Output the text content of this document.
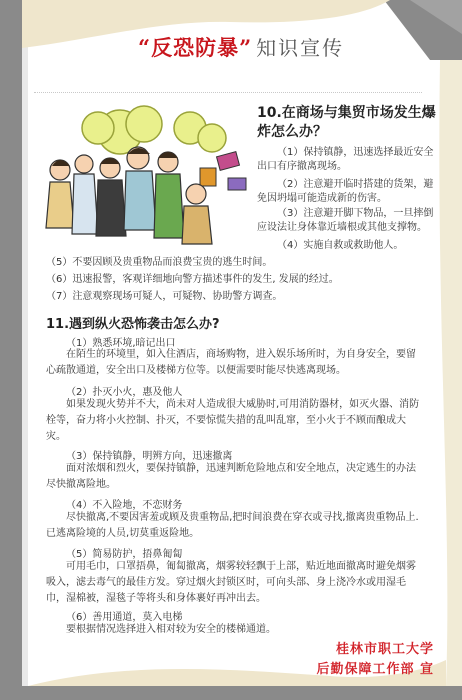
“反恐防暴” 知识宣传
10.在商场与集贸市场发生爆炸怎么办？
（1）保持镇静，迅速选择最近安全出口有序撤离现场。
（2）注意避开临时搭建的货架，避免因坍塌可能造成新的伤害。
（3）注意避开脚下物品，一旦摔倒应设法让身体靠近墙根或其他支撑物。
（4）实施自救或救助他人。
（5）不要因顾及贵重物品而浪费宝贵的逃生时间。
（6）迅速报警，客观详细地向警方描述事件的发生, 发展的经过。
（7）注意观察现场可疑人，可疑物、协助警方调查。
11.遇到纵火恐怖袭击怎么办?
（1）熟悉环境,暗记出口
在陌生的环境里，如入住酒店，商场购物，进入娱乐场所时，为自身安全，要留心疏散通道，安全出口及楼梯方位等。以便需要时能尽快逃离现场。
（2）扑灭小火，惠及他人
如果发现火势并不大，尚未对人造成很大威胁时,可用消防器材，如灭火器、消防栓等，奋力将小火控制、扑灭，不要惊慌失措的乱叫乱窜，至小火于不顾而酿成大灾。
（3）保持镇静，明辨方向，迅速撤离
面对浓烟和烈火，要保持镇静，迅速判断危险地点和安全地点，决定逃生的办法尽快撤离险地。
（4）不入险地，不恋财务
尽快撤离,不要因害羞或顾及贵重物品,把时间浪费在穿衣或寻找,撤离贵重物品上.已逃离险境的人员,切莫重返险地。
（5）简易防护，捂鼻匍匐
可用毛巾，口罩捂鼻，匍匐撤离，烟雾较轻飘于上部，贴近地面撤离时避免烟雾吸入，滤去毒气的最佳方发。穿过烟火封锁区时，可向头部、身上浇冷水或用湿毛巾，湿棉被，湿毯子等将头和身体裹好再冲出去。
（6）善用通道，莫入电梯
要根据情况选择进入相对较为安全的楼梯通道。
桂林市职工大学
后勤保障工作部 宣
